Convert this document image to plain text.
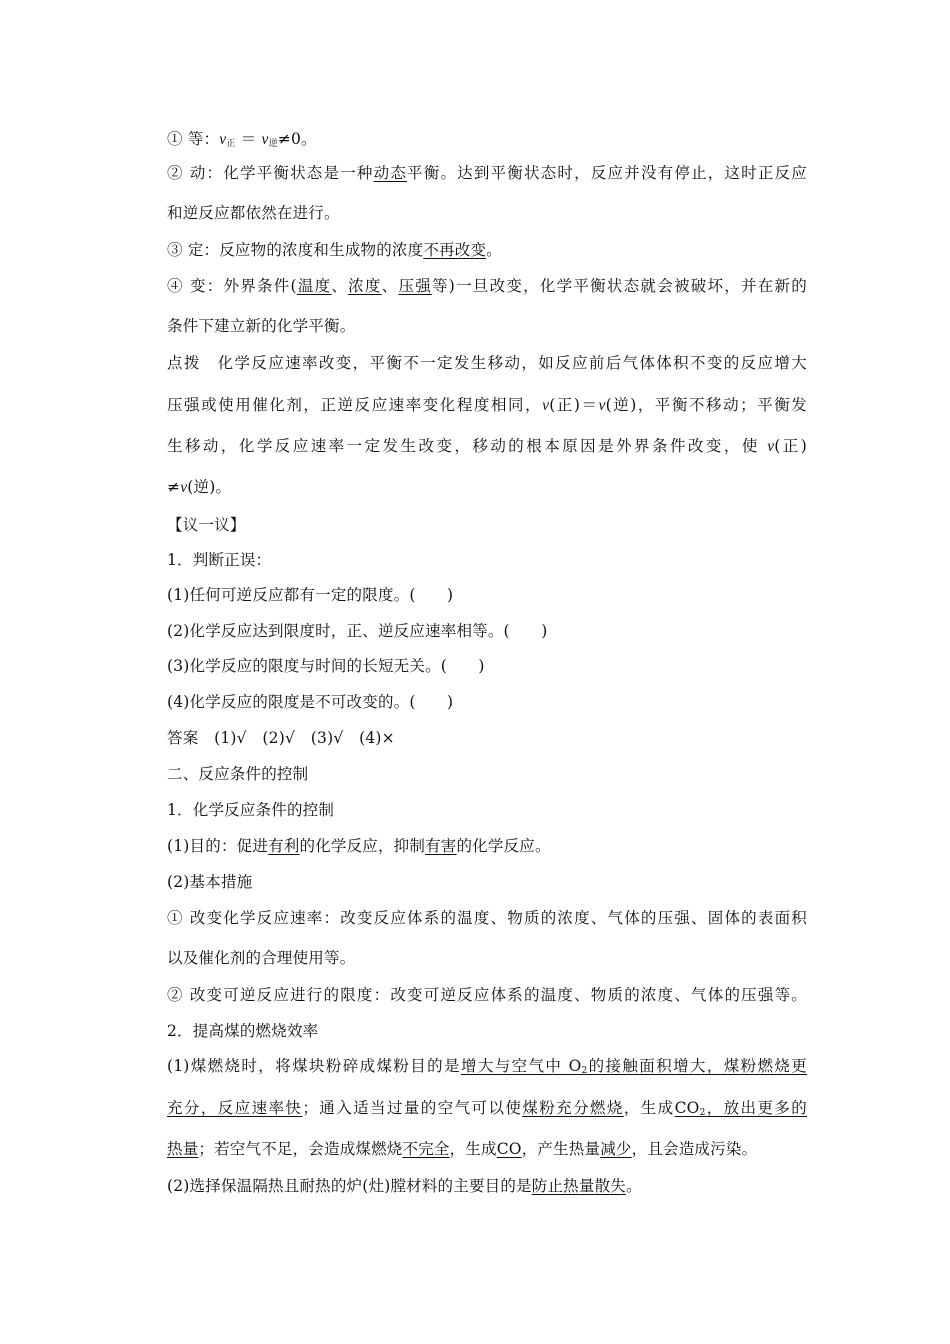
① 等：$v_正 = v_逆\ne 0$。
② 动：化学平衡状态是一种动态平衡。达到平衡状态时，反应并没有停止，这时正反应
和逆反应都依然在进行。
③ 定：反应物的浓度和生成物的浓度不再改变。
④ 变：外界条件(温度、浓度、压强等)一旦改变，化学平衡状态就会被破坏，并在新的
条件下建立新的化学平衡。
点拨　化学反应速率改变，平衡不一定发生移动，如反应前后气体体积不变的反应增大
压强或使用催化剂，正逆反应速率变化程度相同，v(正)＝v(逆)，平衡不移动；平衡发
生移动，化学反应速率一定发生改变，移动的根本原因是外界条件改变，使 v(正)
≠v(逆)。
【议一议】
1．判断正误：
(1)任何可逆反应都有一定的限度。(　　)
(2)化学反应达到限度时，正、逆反应速率相等。(　　)
(3)化学反应的限度与时间的长短无关。(　　)
(4)化学反应的限度是不可改变的。(　　)
答案　(1)√　(2)√　(3)√　(4)×
二、反应条件的控制
1．化学反应条件的控制
(1)目的：促进有利的化学反应，抑制有害的化学反应。
(2)基本措施
① 改变化学反应速率：改变反应体系的温度、物质的浓度、气体的压强、固体的表面积
以及催化剂的合理使用等。
② 改变可逆反应进行的限度：改变可逆反应体系的温度、物质的浓度、气体的压强等。
2．提高煤的燃烧效率
(1)煤燃烧时，将煤块粉碎成煤粉目的是增大与空气中 $O_2$的接触面积增大，煤粉燃烧更
充分，反应速率快；通入适当过量的空气可以使煤粉充分燃烧，生成$CO_2$，放出更多的
热量；若空气不足，会造成煤燃烧不完全，生成CO，产生热量减少，且会造成污染。
(2)选择保温隔热且耐热的炉(灶)膛材料的主要目的是防止热量散失。
